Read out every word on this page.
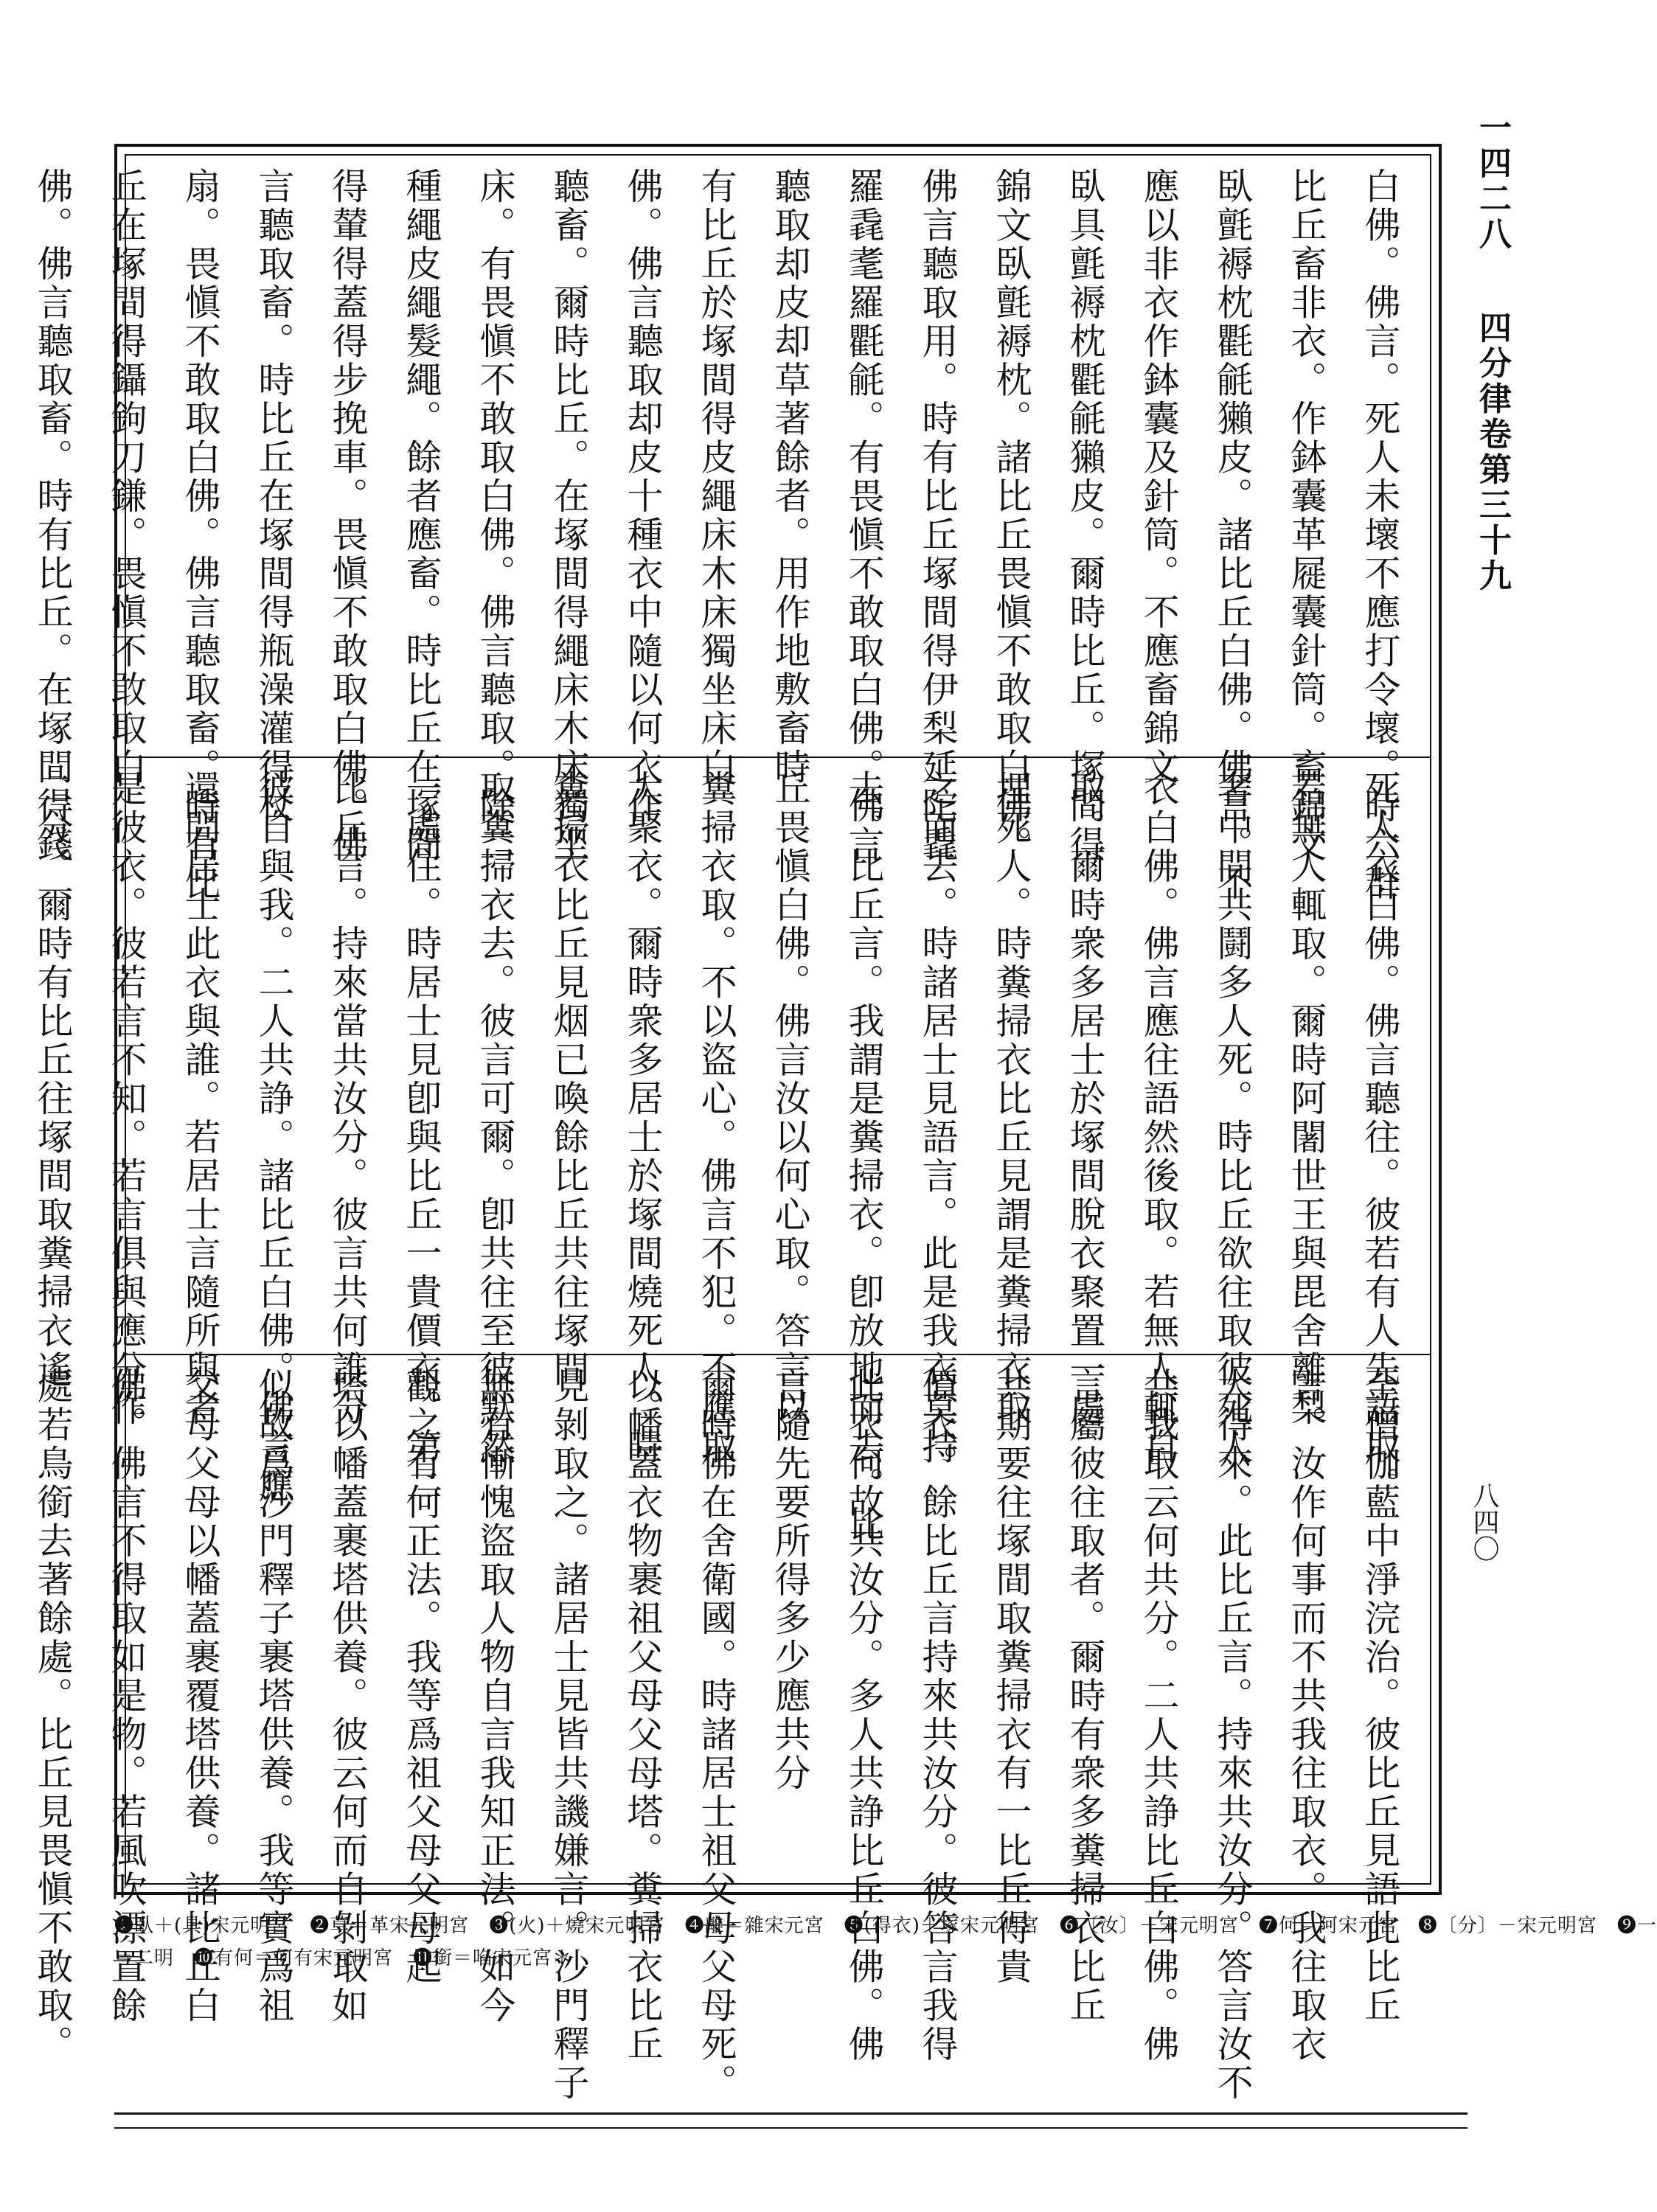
一四二八 四分律卷第三十九
八四〇
白佛。佛言。死人未壞不應打令壞。時六群
比丘畜非衣。作鉢囊革屣囊針筒。畜錦文
臥氈褥枕氍毹獺皮。諸比丘白佛。佛言。不
應以非衣作鉢囊及針筒。不應畜錦文
臥具氈褥枕氍毹獺皮。爾時比丘。塚間得
錦文臥氈褥枕。諸比丘畏愼不敢取白佛。
佛言聽取用。時有比丘塚間得伊梨延陀毳
羅毳耄羅氍毹。有畏愼不敢取白佛。佛言
聽取却皮却草著餘者。用作地敷畜時
有比丘於塚間得皮繩床木床獨坐床白
佛。佛言聽取却皮十種衣中隨以何衣作
聽畜。爾時比丘。在塚間得繩床木床獨坐
床。有畏愼不敢取白佛。佛言聽取。除二
種繩皮繩髮繩。餘者應畜。時比丘在塚間
得輦得蓋得步挽車。畏愼不敢取白佛。佛
言聽取畜。時比丘在塚間得瓶澡灌得杖
扇。畏愼不敢取白佛。佛言聽取畜。時有比
丘在塚間得鑷鉤刀鎌。畏愼不敢取白
佛。佛言聽取畜。時有比丘。在塚間得錢
死人衣白佛。佛言聽往。彼若有人先語取。
若無人輒取。爾時阿闍世王與毘舍離梨
奢中間共鬪多人死。時比丘欲往取彼死人
衣白佛。佛言應往語然後取。若無人輒自
取。爾時衆多居士於塚間脫衣聚置一處
埋死人。時糞掃衣比丘見謂是糞掃衣取
之而去。時諸居士見語言。此是我衣莫持
去。比丘言。我謂是糞掃衣。卽放地而去。比
丘畏愼白佛。佛言汝以何心取。答言以
糞掃衣取。不以盜心。佛言不犯。不應取
大聚衣。爾時衆多居士於塚間燒死人。時
糞掃衣比丘見烟已喚餘比丘共往塚間
取糞掃衣去。彼言可爾。卽共往至彼默然
一處住。時居士見卽與比丘一貴價衣。第二
比丘言。持來當共汝分。彼言共何誰分
彼自與我。二人共諍。諸比丘白佛。佛言應
還問居士此衣與誰。若居士言隨所與者
是彼衣。彼若言不知。若言俱與應分作
二分。爾時有比丘往塚間取糞掃衣遙
至僧伽藍中淨浣治。彼比丘見語此比丘
言。汝作何事而不共我往取衣。我往取衣
大得來。此比丘言。持來共汝分。答言汝不
共我取云何共分。二人共諍比丘白佛。佛
言屬彼往取者。爾時有衆多糞掃衣比丘
共期要往塚間取糞掃衣有一比丘得貴
價衣。餘比丘言持來共汝分。彼答言我得
此衣何故共汝分。多人共諍比丘白佛。佛
言隨先要所得多少應共分
爾時佛在舍衛國。時諸居士祖父母父母死。
以幡蓋衣物裹祖父母父母塔。糞掃衣比丘
見剝取之。諸居士見皆共譏嫌言。沙門釋子
無有慚愧盜取人物自言我知正法。如今
觀之有何正法。我等爲祖父母父母起
塔以幡蓋裹塔供養。彼云何而自剝取如
似故爲沙門釋子裹塔供養。我等實爲祖
父母父母以幡蓋裹覆塔供養。諸比丘白
佛。佛言不得取如是物。若風吹漂置餘
處若鳥銜去著餘處。比丘見畏愼不敢取。	❶臥＋(具)宋元明宮　❷草＝革宋元明宮　❸(火)＋燒宋元明宮　❹離＝雜宋元宮　❺(得衣)＋塚宋元明宮　❻〔汝〕－宋元明宮　❼何＝阿宋元宮　❽〔分〕－宋元明宮　❾一
＝二明　❿有何＝何有宋元明宮　⓫銜＝啗宋元宮＊
